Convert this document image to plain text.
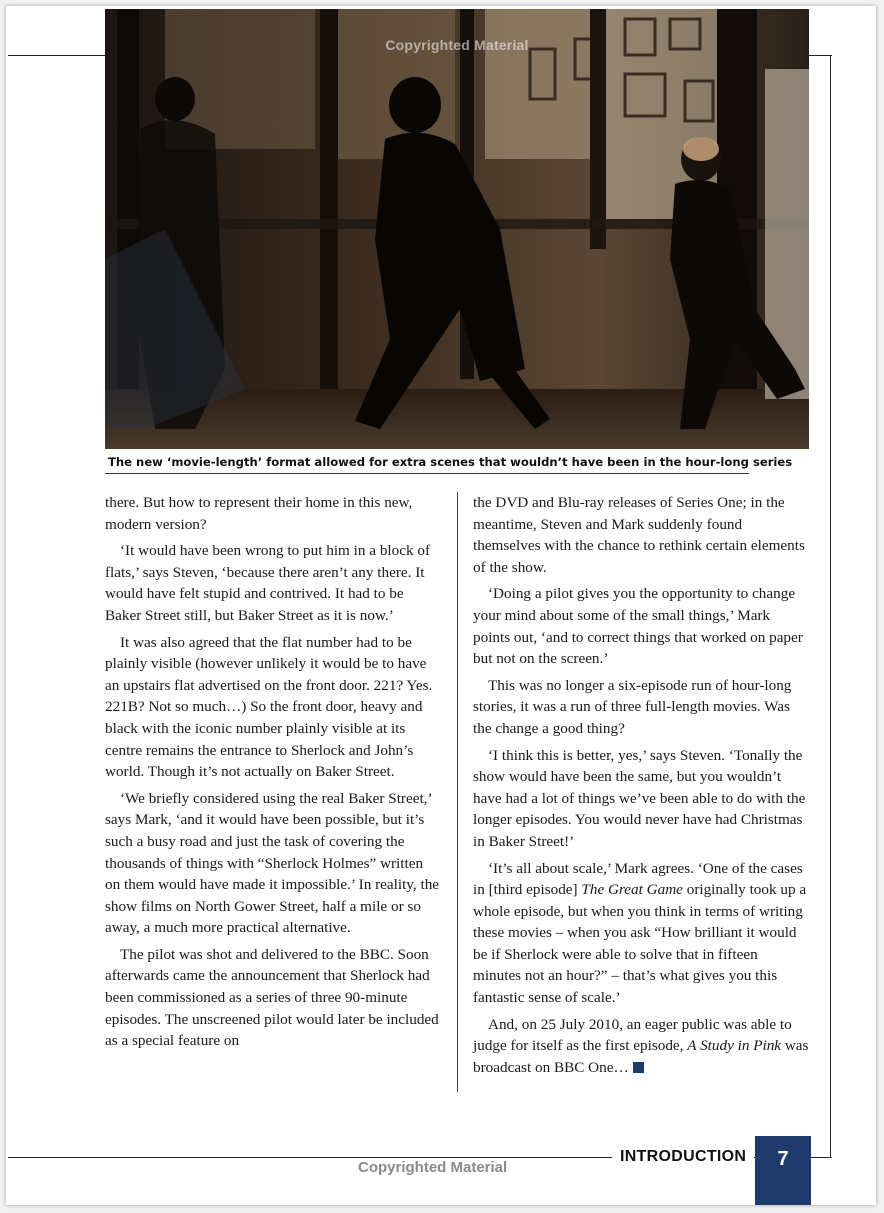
Copyrighted Material
The new ‘movie-length’ format allowed for extra scenes that wouldn’t have been in the hour-long series

there. But how to represent their home in this new, modern version?

‘It would have been wrong to put him in a block of flats,’ says Steven, ‘because there aren’t any there. It would have felt stupid and contrived. It had to be Baker Street still, but Baker Street as it is now.’

It was also agreed that the flat number had to be plainly visible (however unlikely it would be to have an upstairs flat advertised on the front door. 221? Yes. 221B? Not so much…) So the front door, heavy and black with the iconic number plainly visible at its centre remains the entrance to Sherlock and John’s world. Though it’s not actually on Baker Street.

‘We briefly considered using the real Baker Street,’ says Mark, ‘and it would have been possible, but it’s such a busy road and just the task of covering the thousands of things with “Sherlock Holmes” written on them would have made it impossible.’ In reality, the show films on North Gower Street, half a mile or so away, a much more practical alternative.

The pilot was shot and delivered to the BBC. Soon afterwards came the announcement that Sherlock had been commissioned as a series of three 90-minute episodes. The unscreened pilot would later be included as a special feature on

the DVD and Blu-ray releases of Series One; in the meantime, Steven and Mark suddenly found themselves with the chance to rethink certain elements of the show.

‘Doing a pilot gives you the opportunity to change your mind about some of the small things,’ Mark points out, ‘and to correct things that worked on paper but not on the screen.’

This was no longer a six-episode run of hour-long stories, it was a run of three full-length movies. Was the change a good thing?

‘I think this is better, yes,’ says Steven. ‘Tonally the show would have been the same, but you wouldn’t have had a lot of things we’ve been able to do with the longer episodes. You would never have had Christmas in Baker Street!’

‘It’s all about scale,’ Mark agrees. ‘One of the cases in [third episode] The Great Game originally took up a whole episode, but when you think in terms of writing these movies – when you ask “How brilliant it would be if Sherlock were able to solve that in fifteen minutes not an hour?” – that’s what gives you this fantastic sense of scale.’

And, on 25 July 2010, an eager public was able to judge for itself as the first episode, A Study in Pink was broadcast on BBC One…

INTRODUCTION	7
Copyrighted Material
